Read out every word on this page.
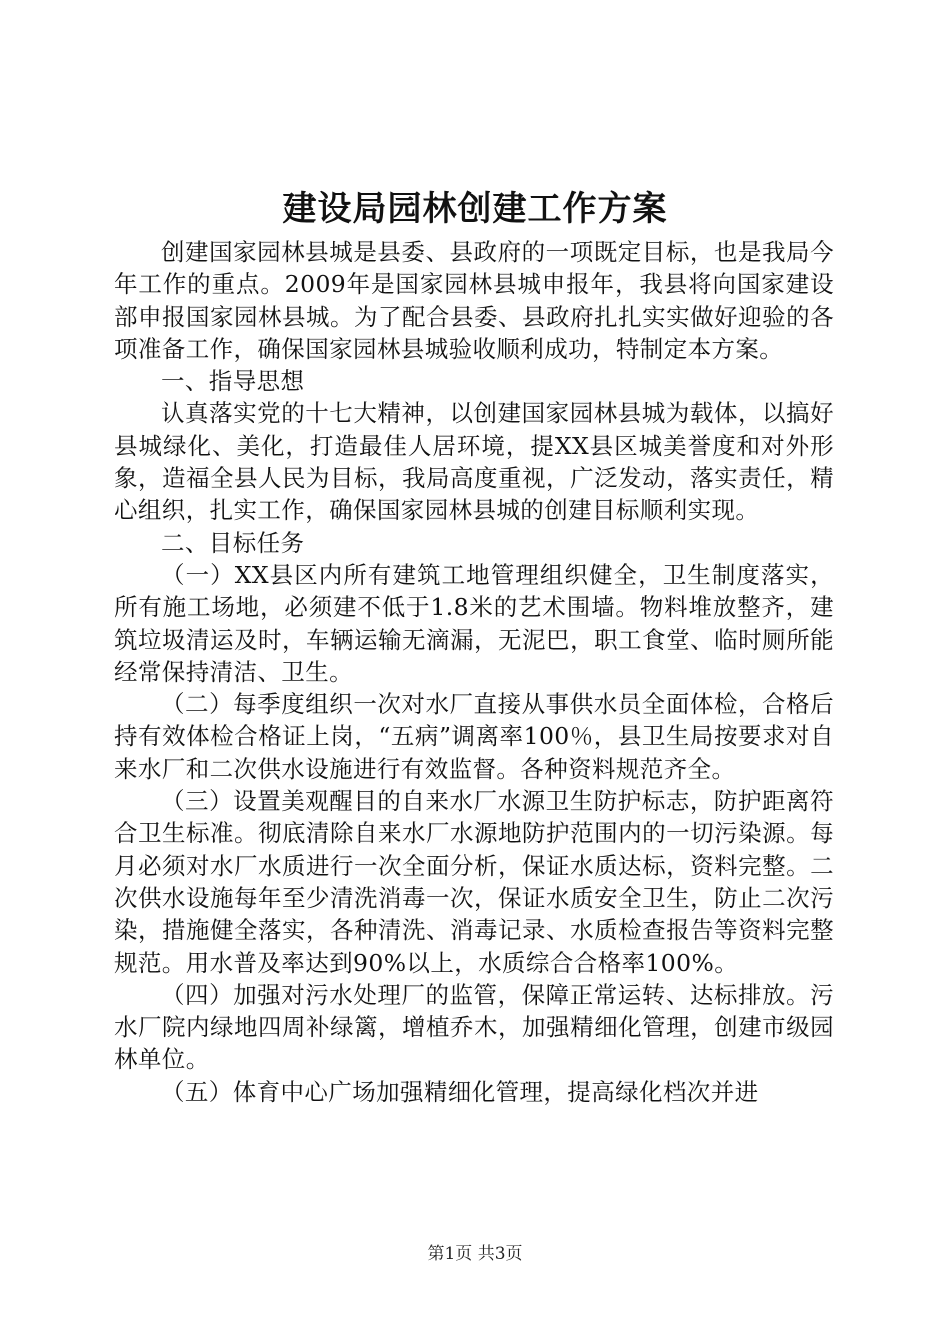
建设局园林创建工作方案

创建国家园林县城是县委、县政府的一项既定目标，也是我局今年工作的重点。2009年是国家园林县城申报年，我县将向国家建设部申报国家园林县城。为了配合县委、县政府扎扎实实做好迎验的各项准备工作，确保国家园林县城验收顺利成功，特制定本方案。

一、指导思想

认真落实党的十七大精神，以创建国家园林县城为载体，以搞好县城绿化、美化，打造最佳人居环境，提XX县区城美誉度和对外形象，造福全县人民为目标，我局高度重视，广泛发动，落实责任，精心组织，扎实工作，确保国家园林县城的创建目标顺利实现。

二、目标任务

（一）XX县区内所有建筑工地管理组织健全，卫生制度落实，所有施工场地，必须建不低于1.8米的艺术围墙。物料堆放整齐，建筑垃圾清运及时，车辆运输无滴漏，无泥巴，职工食堂、临时厕所能经常保持清洁、卫生。

（二）每季度组织一次对水厂直接从事供水员全面体检，合格后持有效体检合格证上岗，“五病”调离率100％，县卫生局按要求对自来水厂和二次供水设施进行有效监督。各种资料规范齐全。

（三）设置美观醒目的自来水厂水源卫生防护标志，防护距离符合卫生标准。彻底清除自来水厂水源地防护范围内的一切污染源。每月必须对水厂水质进行一次全面分析，保证水质达标，资料完整。二次供水设施每年至少清洗消毒一次，保证水质安全卫生，防止二次污染，措施健全落实，各种清洗、消毒记录、水质检查报告等资料完整规范。用水普及率达到90%以上，水质综合合格率100%。

（四）加强对污水处理厂的监管，保障正常运转、达标排放。污水厂院内绿地四周补绿篱，增植乔木，加强精细化管理，创建市级园林单位。

（五）体育中心广场加强精细化管理，提高绿化档次并进

第1页 共3页
